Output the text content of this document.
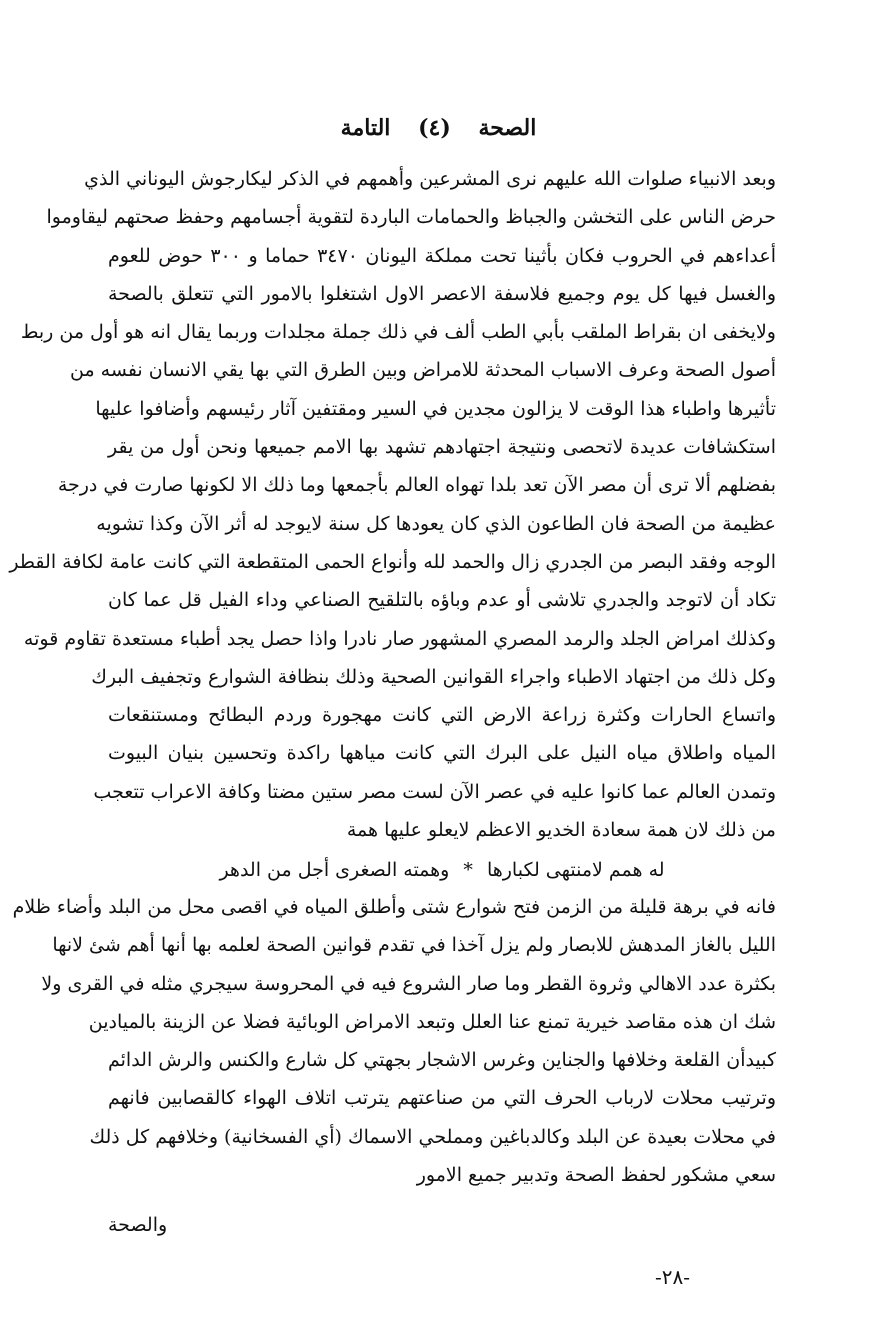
الصحة (٤) التامة
وبعد الانبياء صلوات الله عليهم نرى المشرعين وأهمهم في الذكر ليكارجوش اليوناني الذي
حرض الناس على التخشن والجباظ والحمامات الباردة لتقوية أجسامهم وحفظ صحتهم ليقاوموا
أعداءهم في الحروب فكان بأثينا تحت مملكة اليونان ٣٤٧٠ حماما و ٣٠٠ حوض للعوم
والغسل فيها كل يوم وجميع فلاسفة الاعصر الاول اشتغلوا بالامور التي تتعلق بالصحة
ولايخفى ان بقراط الملقب بأبي الطب ألف في ذلك جملة مجلدات وربما يقال انه هو أول من ربط
أصول الصحة وعرف الاسباب المحدثة للامراض وبين الطرق التي بها يقي الانسان نفسه من
تأثيرها واطباء هذا الوقت لا يزالون مجدين في السير ومقتفين آثار رئيسهم وأضافوا عليها
استكشافات عديدة لاتحصى ونتيجة اجتهادهم تشهد بها الامم جميعها ونحن أول من يقر
بفضلهم ألا ترى أن مصر الآن تعد بلدا تهواه العالم بأجمعها وما ذلك الا لكونها صارت في درجة
عظيمة من الصحة فان الطاعون الذي كان يعودها كل سنة لايوجد له أثر الآن وكذا تشويه
الوجه وفقد البصر من الجدري زال والحمد لله وأنواع الحمى المتقطعة التي كانت عامة لكافة القطر
تكاد أن لاتوجد والجدري تلاشى أو عدم وباؤه بالتلقيح الصناعي وداء الفيل قل عما كان
وكذلك امراض الجلد والرمد المصري المشهور صار نادرا واذا حصل يجد أطباء مستعدة تقاوم قوته
وكل ذلك من اجتهاد الاطباء واجراء القوانين الصحية وذلك بنظافة الشوارع وتجفيف البرك
واتساع الحارات وكثرة زراعة الارض التي كانت مهجورة وردم البطائح ومستنقعات
المياه واطلاق مياه النيل على البرك التي كانت مياهها راكدة وتحسين بنيان البيوت
وتمدن العالم عما كانوا عليه في عصر الآن لست مصر ستين مضتا وكافة الاعراب تتعجب
من ذلك لان همة سعادة الخديو الاعظم لايعلو عليها همة
له همم لامنتهى لكبارها * وهمته الصغرى أجل من الدهر
فانه في برهة قليلة من الزمن فتح شوارع شتى وأطلق المياه في اقصى محل من البلد وأضاء ظلام
الليل بالغاز المدهش للابصار ولم يزل آخذا في تقدم قوانين الصحة لعلمه بها أنها أهم شئ لانها
بكثرة عدد الاهالي وثروة القطر وما صار الشروع فيه في المحروسة سيجري مثله في القرى ولا
شك ان هذه مقاصد خيرية تمنع عنا العلل وتبعد الامراض الوبائية فضلا عن الزينة بالميادين
كبيدأن القلعة وخلافها والجناين وغرس الاشجار بجهتي كل شارع والكنس والرش الدائم
وترتيب محلات لارباب الحرف التي من صناعتهم يترتب اتلاف الهواء كالقصابين فانهم
في محلات بعيدة عن البلد وكالدباغين ومملحي الاسماك (أي الفسخانية) وخلافهم كل ذلك
سعي مشكور لحفظ الصحة وتدبير جميع الامور
والصحة
-٢٨-
